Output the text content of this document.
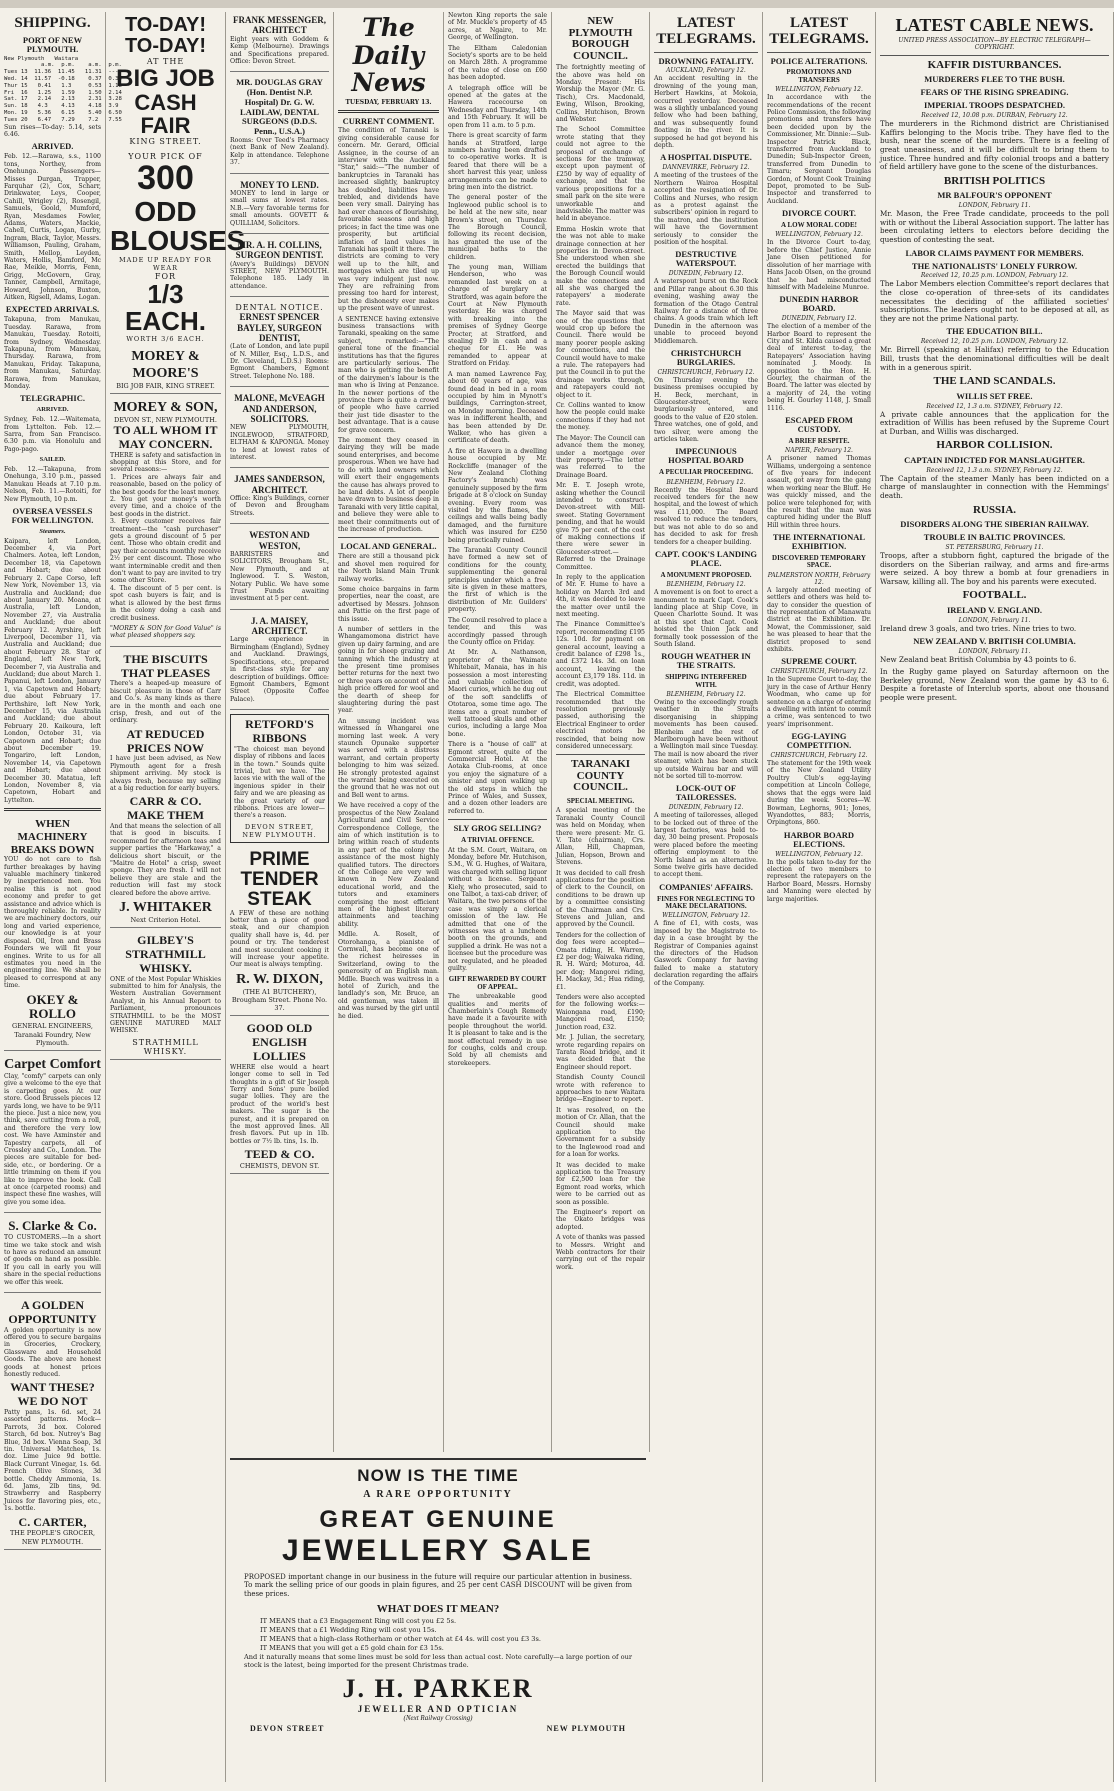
SHIPPING.
PORT OF NEW PLYMOUTH.
New Plymouth   Waitara
a.m.  p.m.    a.m.  p.m.
Tues 13  11.36  11.45   11.31  ----
Wed. 14  11.57  -0.18    0.37  0.33
Thur 15   0.41   1.3     0.53  1.18
Fri  16   1.25   1.59    1.50  2.14
Sat. 17   2.14   2.13    2.31  3.28
Sun. 18   4.3    4.13    4.18  3.9
Mon. 19   5.36   6.15    5.40  6.50
Tues 20   6.47   7.29    7.2   7.55
Sun rises—To-day: 5.14, sets 6.46.
ARRIVED.
Feb. 12.—Rarawa, s.s., 1100 tons, Northey, from Onehunga. Passengers—Misses Durgan, Trapper, Farquhar (2), Cox, Scharr, Drinkwater, Leys, Cooper, Cahill, Wrigley (2), Rosengil, Samuels, Goold, Mumford, Ryan, Mesdames Fowler, Adams, Waters, Mackie, Cahell, Curtis, Logan, Gurby, Ingram, Black, Taylor, Messrs. Williamson, Pauling, Graham, Smith, Mellop, Leyden, Waters, Hollis, Bamford, Mc Rae, Meikle, Morris, Fenn, Grigg, McGovern, Gray, Tanner, Campbell, Armitage, Howard, Johnson, Buxton, Aitken, Rigsell, Adams, Logan.
EXPECTED ARRIVALS.
Takapuna, from Manukau, Tuesday. Rarawa, from Manukau, Tuesday. Rotoiti, from Sydney, Wednesday. Takapuna, from Manukau, Thursday. Rarawa, from Manukau, Friday. Takapuna, from Manukau, Saturday. Rarawa, from Manukau, Monday.
TELEGRAPHIC.
ARRIVED.
Sydney, Feb. 12.—Waitemata, from Lyttelton. Feb. 12.—Sarra, from San Francisco. 6.30 p.m. via Honolulu and Pago-pago.
SAILED.
Feb. 12.—Takapuna, from Onehunga, 3.10 p.m., passed Manukau Heads at 7.10 p.m. Nelson, Feb. 11.—Rotoiti, for New Plymouth, 10 p.m.
OVERSEA VESSELS FOR WELLINGTON.
Steamers.
Kaipara, left London, December 4, via Port Chalmers. Aotea, left London, December 18, via Capetown and Hobart; due about February 2. Cape Corso, left New York, November 13, via Australia and Auckland; due about January 20. Moana, at Australia, left London, November 27, via Australia and Auckland; due about February 12. Ayrshire, left Liverpool, December 11, via Australia and Auckland; due about February 28. Star of England, left New York, December 7, via Australia and Auckland; due about March 1. Papanui, left London, January 1, via Capetown and Hobart; due about February 17. Perthshire, left New York, December 15, via Australia and Auckland; due about February 20. Kaikoura, left London, October 31, via Capetown and Hobart; due about December 19. Tongariro, left London, November 14, via Capetown and Hobart; due about December 30. Matatua, left London, November 8, via Capetown, Hobart and Lyttelton.
WHEN MACHINERY BREAKS DOWN
YOU do not care to fish further breakages by having valuable machinery tinkered by inexperienced men. You realise this is not good economy and prefer to get assistance and advice which is thoroughly reliable. In reality we are machinery doctors, our long and varied experience, our knowledge is at your disposal. Oil, Iron and Brass Founders we will fit your engines. Write to us for all estimates you need in the engineering line. We shall be pleased to correspond at any time.
OKEY & ROLLO
GENERAL ENGINEERS, Taranaki Foundry, New Plymouth.
Carpet Comfort
Clay, "comfy" carpets can only give a welcome to the eye that is carpeting goes. At our store. Good Brussels pieces 12 yards long, we have to be 9/11 the piece. Just a nice new, you think, save cutting from a roll, and therefore the very low cost. We have Axminster and Tapestry carpets, all of Crossley and Co., London. The pieces are suitable for bed-side, etc., or bordering. Or a little trimming on them if you like to improve the look. Call at once (carpeted rooms) and inspect these fine washes, will give you some idea.
S. Clarke & Co.
TO CUSTOMERS.—In a short time we take stock and wish to have as reduced an amount of goods on hand as possible. If you call in early you will share in the special reductions we offer this week.
A GOLDEN OPPORTUNITY
A golden opportunity is now offered you to secure bargains in Groceries, Crockery, Glassware and Household Goods. The above are honest goods at honest prices honestly reduced.
WANT THESE? WE DO NOT
Patty pans, 1s. 6d. set, 24 assorted patterns. Mock—Parrots, 3d box. Colored Starch, 6d box. Nutrey's Bag Blue, 3d box. Vienna Soap, 3d tin. Universal Matches, 1s. doz. Lime Juice 9d bottle. Black Currant Vinegar, 1s. 6d. French Olive Stones, 3d bottle. Cheddy Ammonia, 1s. 6d. Jams, 2lb tins, 9d. Strawberry and Raspberry Juices for flavoring pies, etc., 1s. bottle.
C. CARTER,
THE PEOPLE'S GROCER, NEW PLYMOUTH.
TO-DAY!
TO-DAY!
AT THE
BIG JOB
CASH FAIR
KING STREET.
YOUR PICK OF
300
ODD
BLOUSES
MADE UP READY FOR WEAR
FOR
1/3 EACH.
WORTH 3/6 EACH.
MOREY & MOORE'S
BIG JOB FAIR, KING STREET.
MOREY & SON,
DEVON ST., NEW PLYMOUTH.
TO ALL WHOM IT MAY CONCERN.
THERE is safety and satisfaction in shopping at this Store, and for several reasons:—
1. Prices are always fair and reasonable, based on the policy of the best goods for the least money.
2. You get your money's worth every time, and a choice of the best goods in the district.
3. Every customer receives fair treatment—the "cash purchaser" gets a ground discount of 5 per cent. Those who obtain credit and pay their accounts monthly receive 2½ per cent discount. Those who want interminable credit and then don't want to pay are invited to try some other Store.
4. The discount of 5 per cent. is spot cash buyers is fair, and is what is allowed by the best firms in the colony doing a cash and credit business.
"MOREY & SON for Good Value" is what pleased shoppers say.
THE BISCUITS THAT PLEASES
There's a heaped-up measure of biscuit pleasure in those of Carr and Co.'s. As many kinds as there are in the month and each one crisp, fresh, and out of the ordinary.
AT REDUCED PRICES NOW
I have just been advised, as New Plymouth agent for a fresh shipment arriving. My stock is always fresh, because my selling at a big reduction for early buyers.
CARR & CO. MAKE THEM
And that means the selection of all that is good in biscuits. I recommend for afternoon teas and supper parties the "Harkaway," a delicious short biscuit, or the "Maitre de Hotel" a crisp, sweet sponge. They are fresh. I will not believe they are stale and the reduction will fast my stock cleared before the above arrive.
J. WHITAKER
Next Criterion Hotel.
GILBEY'S STRATHMILL WHISKY.
ONE of the Most Popular Whiskies submitted to him for Analysis, the Western Australian Government Analyst, in his Annual Report to Parliament, pronounces STRATHMILL to be the MOST GENUINE MATURED MALT WHISKY.
STRATHMILL WHISKY.
FRANK MESSENGER, ARCHITECT
Eight years with Goddem & Kemp (Melbourne). Drawings and Specifications prepared. Office: Devon Street.
MR. DOUGLAS GRAY (Hon. Dentist N.P. Hospital) Dr. G. W. LAIDLAW, DENTAL SURGEONS (D.D.S. Penn., U.S.A.)
Rooms: Over Teed's Pharmacy (next Bank of New Zealand). Kelp in attendance. Telephone 37.
MONEY TO LEND.
MONEY to lend in large or small sums at lowest rates. N.B.—Very favorable terms for small amounts. GOVETT & QUILLIAM, Solicitors.
MR. A. H. COLLINS, SURGEON DENTIST.
(Avery's Buildings) DEVON STREET, NEW PLYMOUTH. Telephone 185. Lady in attendance.
DENTAL NOTICE.
ERNEST SPENCER BAYLEY, SURGEON DENTIST,
(Late of London, and late pupil of N. Miller, Esq., L.D.S., and Dr. Cleveland, L.D.S.) Rooms: Egmont Chambers, Egmont Street. Telephone No. 188.
MALONE, McVEAGH AND ANDERSON, SOLICITORS.
NEW PLYMOUTH, INGLEWOOD, STRATFORD, ELTHAM & KAPONGA. Money to lend at lowest rates of interest.
JAMES SANDERSON, ARCHITECT.
Office: King's Buildings, corner of Devon and Brougham Streets.
WESTON AND WESTON,
BARRISTERS and SOLICITORS, Brougham St., New Plymouth, and at Inglewood. T. S. Weston, Notary Public. We have some Trust Funds awaiting investment at 5 per cent.
J. A. MAISEY, ARCHITECT.
Large experience in Birmingham (England), Sydney and Auckland. Drawings, Specifications, etc., prepared in first-class style for any description of buildings. Office: Egmont Chambers, Egmont Street (Opposite Coffee Palace).
RETFORD'S RIBBONS
"The choicest man beyond display of ribbons and laces in the town." Sounds quite trivial, but we have. The laces vie with the wall of the ingenious spider in their fairy and we are pleasing as the great variety of our ribbons. Prices are lower—there's a reason.
DEVON STREET, NEW PLYMOUTH.
PRIME TENDER STEAK
A FEW of these are nothing better than a piece of good steak, and our champion quality shall have is, 4d. per pound or try. The tenderest and most succulent cooking it will increase your appetite. Our meat is always tempting.
R. W. DIXON,
(THE A1 BUTCHERY), Brougham Street. Phone No. 37.
GOOD OLD ENGLISH LOLLIES
WHERE else would a heart longer come to sell in Ted thoughts in a gift of Sir Joseph Terry and Sons' pure boiled sugar lollies. They are the product of the world's best makers. The sugar is the purest, and it is prepared on the most approved lines. All fresh flavors. Put up in 1lb. bottles or 7½ lb. tins, 1s. lb.
TEED & CO.
CHEMISTS, DEVON ST.
The Daily News
TUESDAY, FEBRUARY 13.
CURRENT COMMENT.
The condition of Taranaki is giving considerable cause for concern. Mr. Gerard, Official Assignee, in the course of an interview with the Auckland "Star," said:—"The number of bankruptcies in Taranaki has increased slightly, bankruptcy has doubled, liabilities have trebled, and dividends have been very small. Dairying has had ever chances of flourishing, favourable seasons and high prices; in fact the time was one prosperity, but artificial inflation of land values in Taranaki has spoilt it there. The districts are coming to very well up to the hilt, and mortgages which are tiled up was very indulgent just now. They are refraining from pressing too hard for interest, but the dishonesty ever makes up the present wave of unrest.
A SENTENCE having extensive business transactions with Taranaki, speaking on the same subject, remarked:—"The general tone of the financial institutions has that the figures are particularly serious. The man who is getting the benefit of the dairymen's labour is the man who is living at Penzance. In the newer portions of the province there is quite a crowd of people who have carried their just tide disaster to the best advantage. That is a cause for grave concern.
The moment they ceased in dairying they will be made sound enterprises, and become prosperous. When we have had to do with land owners which will exert their engagements the cause has always proved to be land debts. A lot of people have drawn to business deep in Taranaki with very little capital, and believe they were able to meet their commitments out of the increase of production.
LOCAL AND GENERAL.
There are still a thousand pick and shovel men required for the North Island Main Trunk railway works.
Some choice bargains in farm properties, near the coast, are advertised by Messrs. Johnson and Pattie on the first page of this issue.
A number of settlers in the Whangamomona district have given up dairy farming, and are going in for sheep grazing and tanning which the industry at the present time promises better returns for the next two or three years on account of the high price offered for wool and the dearth of sheep for slaughtering during the past year.
An unsung incident was witnessed in Whangarei one morning last week. A very staunch Opunake supporter was served with a distress warrant, and certain property belonging to him was seized. He strongly protested against the warrant being executed on the ground that he was not out and Bell went to arms.
We have received a copy of the prospectus of the New Zealand Agricultural and Civil Service Correspondence College, the aim of which institution is to bring within reach of students in any part of the colony the assistance of the most highly qualified tutors. The directors of the College are very well known in New Zealand educational world, and the tutors and examiners comprising the most efficient men of the highest literary attainments and teaching ability.
Mdlle. A. Roselt, of Otorohanga, a pianiste of Cornwall, has become one of the richest heiresses in Switzerland, owing to the generosity of an English man. Mdlle. Buech was waitress in a hotel of Zurich, and the landlady's son, Mr. Bruce, an old gentleman, was taken ill and was nursed by the girl until he died.
Newton King reports the sale of Mr. Muckle's property of 45 acres, at Ngaire, to Mr. George, of Wellington.
The Eltham Caledonian Society's sports are to be held on March 28th. A programme of the value of close on £60 has been adopted.
A telegraph office will be opened at the gates at the Hawera racecourse on Wednesday and Thursday, 14th and 15th February. It will be open from 11 a.m. to 5 p.m.
There is great scarcity of farm hands at Stratford, large numbers having been drafted to co-operative works. It is feared that there will be a short harvest this year, unless arrangements can be made to bring men into the district.
The general poster of the Inglewood public school is to be held at the new site, near Brown's street, on Thursday. The Borough Council, following its recent decision, has granted the use of the municipal baths to the children.
The young man, William Henderson, who was remanded last week on a charge of burglary at Stratford, was again before the Court at New Plymouth yesterday. He was charged with breaking into the premises of Sydney George Procter, at Stratford, and stealing £9 in cash and a cheque for £1. He was remanded to appear at Stratford on Friday.
A man named Lawrence Fay, about 60 years of age, was found dead in bed in a room occupied by him in Mynott's buildings, Carrington-street, on Monday morning. Deceased was in indifferent health, and has been attended by Dr. Walker, who has given a certificate of death.
A fire at Hawera in a dwelling house occupied by Mr. Rockcliffe (manager of the New Zealand Clothing Factory's branch) was genuinely supposed by the firm brigade at 8 o'clock on Sunday evening. Every room was visited by the flames, the ceilings and walls being badly damaged, and the furniture which was insured for £250 being practically ruined.
The Taranaki County Council have formed a new set of conditions for the county, supplementing the general principles under which a free site is given in these matters, the first of which is the distribution of Mr. Guilders' property.
The Council resolved to place a tender, and this was accordingly passed through the County office on Friday.
At Mr. A. Nathanson, proprietor of the Waimate Whitebait, Manaia, has in his possession a most interesting and valuable collection of Maori curios, which he dug out of the soft sandcliffs of Ototaroa, some time ago. The items are a great number of well tattooed skulls and other curios, including a large Moa bone.
There is a "house of call" at Egmont street, quite of the Commercial Hotel. At the Aotaka Club-rooms, at once you enjoy the signature of a sinister and upon walking up the old steps in which the Prince of Wales, and Sussex, and a dozen other leaders are referred to.
SLY GROG SELLING?
A TRIVIAL OFFENCE.
At the S.M. Court, Waitara, on Monday, before Mr. Hutchison, S.M., W. G. Hughes, of Waitara, was charged with selling liquor without a license. Sergeant Kiely, who prosecuted, said to one Talbot, a taxi-cab driver, of Waitara, the two persons of the case was simply a clerical omission of the law. He admitted that one of the witnesses was at a luncheon booth on the grounds, and supplied a drink. He was not a licensee but the procedure was not regulated, and he pleaded guilty.
GIFT REWARDED BY COURT OF APPEAL.
The unbreakable good qualities and merits of Chamberlain's Cough Remedy have made it a favourite with people throughout the world. It is pleasant to take and is the most effectual remedy in use for coughs, colds and croup. Sold by all chemists and storekeepers.
NEW PLYMOUTH BOROUGH COUNCIL.
The fortnightly meeting of the above was held on Monday. Present: His Worship the Mayor (Mr. G. Tisch), Crs. Macdonald, Ewing, Wilson, Brooking, Collins, Hutchison, Brown and Webster.
The School Committee wrote stating that they could not agree to the proposal of exchange of sections for the tramway, except upon payment of £250 by way of equality of exchange, and that the various propositions for a small park on the site were unworkable and inadvisable. The matter was held in abeyance.
Emma Hoskin wrote that the was not able to make drainage connection at her properties in Devon-street. She understood when she erected the buildings that the Borough Council would make the connections and all she was charged the ratepayers' a moderate rate.
The Mayor said that was one of the questions that would crop up before the Council. There would be many poorer people asking for connections, and the Council would have to make a rule. The ratepayers had put the Council in to put the drainage works through, and ratepayers could not object to it.
Cr. Collins wanted to know how the people could make connections if they had not the money.
The Mayor: The Council can advance them the money, under a mortgage over their property.—The letter was referred to the Drainage Board.
Mr. E. T. Joseph wrote, asking whether the Council intended to construct Devon-street with Mill-sweet. Stating Government pending, and that he would give 75 per cent. of the cost of making connections if there were sewer in Gloucester-street.—Referred to the Drainage Committee.
In reply to the application of Mr. F. Hume to have a holiday on March 3rd and 4th, it was decided to leave the matter over until the next meeting.
The Finance Committee's report, recommending £195 12s. 10d. for payment on general account, leaving a credit balance of £298 1s., and £372 14s. 3d. on loan account, leaving the account £3,179 18s. 11d. in credit, was adopted.
The Electrical Committee recommended that the resolution previously passed, authorising the Electrical Engineer to order electrical motors be rescinded, that being now considered unnecessary.
TARANAKI COUNTY COUNCIL.
SPECIAL MEETING.
A special meeting of the Taranaki County Council was held on Monday, when there were present: Mr. G. V. Tate (chairman), Crs. Allan, Hill, Chapman, Julian, Hopson, Brown and Stevens.
It was decided to call fresh applications for the position of clerk to the Council, on conditions to be drawn up by a committee consisting of the Chairman and Crs. Stevens and Julian, and approved by the Council.
Tenders for the collection of dog fees were accepted—Omata riding, H. Warren, £2 per dog; Waiwaka riding, R. H. Ward; Moturoa, 4d. per dog; Mangorei riding, H. Mackay, 3d.; Hua riding, £1.
Tenders were also accepted for the following works:—Waiongana road, £190; Mangorei road, £150; Junction road, £32.
Mr. J. Julian, the secretary, wrote regarding repairs on Tarata Road bridge, and it was decided that the Engineer should report.
Standish County Council wrote with reference to approaches to new Waitara bridge—Engineer to report.
It was resolved, on the motion of Cr. Allan, that the Council should make application to the Government for a subsidy to the Inglewood road and for a loan for works.
It was decided to make application to the Treasury for £2,500 loan for the Egmont road works, which were to be carried out as soon as possible.
The Engineer's report on the Okato bridges was adopted.
A vote of thanks was passed to Messrs. Wright and Webb contractors for their carrying out of the repair work.
LATEST TELEGRAMS.
DROWNING FATALITY.
AUCKLAND, February 12.
An accident resulting in the drowning of the young man, Herbert Hawkins, at Mokoia, occurred yesterday. Deceased was a slightly unbalanced young fellow who had been bathing, and was subsequently found floating in the river. It is supposed he had got beyond his depth.
A HOSPITAL DISPUTE.
DANNEVIRKE, February 12.
A meeting of the trustees of the Northern Wairoa Hospital accepted the resignation of Dr. Collins and Nurses, who resign as a protest against the subscribers' opinion in regard to the matron, and the institution will have the Government seriously to consider the position of the hospital.
DESTRUCTIVE WATERSPOUT.
DUNEDIN, February 12.
A waterspout burst on the Rock and Pillar range about 6.30 this evening, washing away the formation of the Otago Central Railway for a distance of three chains. A goods train which left Dunedin in the afternoon was unable to proceed beyond Middlemarch.
CHRISTCHURCH BURGLARIES.
CHRISTCHURCH, February 12.
On Thursday evening the business premises occupied by H. Beck, merchant, in Gloucester-street, were burglariously entered, and goods to the value of £20 stolen. Three watches, one of gold, and two silver, were among the articles taken.
IMPECUNIOUS HOSPITAL BOARD
A PECULIAR PROCEEDING.
BLENHEIM, February 12.
Recently the Hospital Board received tenders for the new hospital, and the lowest of which was £11,000. The Board resolved to reduce the tenders, but was not able to do so and has decided to ask for fresh tenders for a cheaper building.
CAPT. COOK'S LANDING PLACE.
A MONUMENT PROPOSED.
BLENHEIM, February 12.
A movement is on foot to erect a monument to mark Capt. Cook's landing place at Ship Cove, in Queen Charlotte Sound. It was at this spot that Capt. Cook hoisted the Union Jack and formally took possession of the South Island.
ROUGH WEATHER IN THE STRAITS.
SHIPPING INTERFERED WITH.
BLENHEIM, February 12.
Owing to the exceedingly rough weather in the Straits disorganising in shipping movements has been caused. Blenheim and the rest of Marlborough have been without a Wellington mail since Tuesday. The mail is now aboard the river steamer, which has been stuck up outside Wairau bar and will not be sorted till to-morrow.
LOCK-OUT OF TAILORESSES.
DUNEDIN, February 12.
A meeting of tailoresses, alleged to be locked out of three of the largest factories, was held to-day, 30 being present. Proposals were placed before the meeting offering employment to the North Island as an alternative. Some twelve girls have decided to accept them.
COMPANIES' AFFAIRS.
FINES FOR NEGLECTING TO MAKE DECLARATIONS.
WELLINGTON, February 12.
A fine of £1, with costs, was imposed by the Magistrate to-day in a case brought by the Registrar of Companies against the directors of the Hudson Gaswork Company for having failed to make a statutory declaration regarding the affairs of the Company.
LATEST TELEGRAMS.
POLICE ALTERATIONS.
PROMOTIONS AND TRANSFERS
WELLINGTON, February 12.
In accordance with the recommendations of the recent Police Commission, the following promotions and transfers have been decided upon by the Commissioner, Mr. Dinnie:—Sub-Inspector Patrick Black, transferred from Auckland to Dunedin; Sub-Inspector Green, transferred from Dunedin to Timaru; Sergeant Douglas Gordon, of Mount Cook Training Depot, promoted to be Sub-Inspector and transferred to Auckland.
DIVORCE COURT.
A LOW MORAL CODE!
WELLINGTON, February 12.
In the Divorce Court to-day, before the Chief Justice, Annie Jane Olsen petitioned for dissolution of her marriage with Hans Jacob Olsen, on the ground that he had misconducted himself with Madeleine Munroe.
DUNEDIN HARBOR BOARD.
DUNEDIN, February 12.
The election of a member of the Harbor Board to represent the City and St. Kilda caused a great deal of interest to-day, the Ratepayers' Association having nominated J. Moody. In opposition to the Hon. H. Gourley, the chairman of the Board. The latter was elected by a majority of 24, the voting being H. Gourley 1148, J. Small 1116.
ESCAPED FROM CUSTODY.
A BRIEF RESPITE.
NAPIER, February 12.
A prisoner named Thomas Williams, undergoing a sentence of five years for indecent assault, got away from the gang when working near the Bluff. He was quickly missed, and the police were telephoned for, with the result that the man was captured hiding under the Bluff Hill within three hours.
THE INTERNATIONAL EXHIBITION.
DISCOVERED TEMPORARY SPACE.
PALMERSTON NORTH, February 12.
A largely attended meeting of settlers and others was held to-day to consider the question of the representation of Manawatu district at the Exhibition. Dr. Mowat, the Commissioner, said he was pleased to hear that the district proposed to send exhibits.
SUPREME COURT.
CHRISTCHURCH, February 12.
In the Supreme Court to-day, the jury in the case of Arthur Henry Woodman, who came up for sentence on a charge of entering a dwelling with intent to commit a crime, was sentenced to two years' imprisonment.
EGG-LAYING COMPETITION.
CHRISTCHURCH, February 12.
The statement for the 19th week of the New Zealand Utility Poultry Club's egg-laying competition at Lincoln College, shows that the eggs were laid during the week. Scores—W. Bowman, Leghorns, 901; Jones, Wyandottes, 883; Morris, Orpingtons, 860.
HARBOR BOARD ELECTIONS.
WELLINGTON, February 12.
In the polls taken to-day for the election of two members to represent the ratepayers on the Harbor Board, Messrs. Hornsby and Manning were elected by large majorities.
LATEST CABLE NEWS.
UNITED PRESS ASSOCIATION—BY ELECTRIC TELEGRAPH—COPYRIGHT.
KAFFIR DISTURBANCES.
MURDERERS FLEE TO THE BUSH.
FEARS OF THE RISING SPREADING.
IMPERIAL TROOPS DESPATCHED.
Received 12, 10.08 p.m. DURBAN, February 12.
The murderers in the Richmond district are Christianised Kaffirs belonging to the Mocis tribe. They have fled to the bush, near the scene of the murders. There is a feeling of great uneasiness, and it will be difficult to bring them to justice. Three hundred and fifty colonial troops and a battery of field artillery have gone to the scene of the disturbances.
BRITISH POLITICS
MR BALFOUR'S OPPONENT
LONDON, February 11.
Mr. Mason, the Free Trade candidate, proceeds to the poll with or without the Liberal Association support. The latter has been circulating letters to electors before deciding the question of contesting the seat.
LABOR CLAIMS PAYMENT FOR MEMBERS.
THE NATIONALISTS' LONELY FURROW.
Received 12, 10.25 p.m. LONDON, February 12.
The Labor Members election Committee's report declares that the close co-operation of three-sets of its candidates necessitates the deciding of the affiliated societies' subscriptions. The leaders ought not to be deposed at all, as they are not the prime National party.
THE EDUCATION BILL.
Received 12, 10.25 p.m. LONDON, February 12.
Mr. Birrell (speaking at Halifax) referring to the Education Bill, trusts that the denominational difficulties will be dealt with in a generous spirit.
THE LAND SCANDALS.
WILLIS SET FREE.
Received 12, 1.3 a.m. SYDNEY, February 12.
A private cable announces that the application for the extradition of Willis has been refused by the Supreme Court at Durban, and Willis was discharged.
HARBOR COLLISION.
CAPTAIN INDICTED FOR MANSLAUGHTER.
Received 12, 1.3 a.m. SYDNEY, February 12.
The Captain of the steamer Manly has been indicted on a charge of manslaughter in connection with the Hemmings' death.
RUSSIA.
DISORDERS ALONG THE SIBERIAN RAILWAY.
TROUBLE IN BALTIC PROVINCES.
ST. PETERSBURG, February 11.
Troops, after a stubborn fight, captured the brigade of the disorders on the Siberian railway, and arms and fire-arms were seized. A boy threw a bomb at four grenadiers in Warsaw, killing all. The boy and his parents were executed.
FOOTBALL.
IRELAND V. ENGLAND.
LONDON, February 11.
Ireland drew 3 goals, and two tries. Nine tries to two.
NEW ZEALAND V. BRITISH COLUMBIA.
LONDON, February 11.
New Zealand beat British Columbia by 43 points to 6.
In the Rugby game played on Saturday afternoon on the Berkeley ground, New Zealand won the game by 43 to 6. Despite a foretaste of Interclub sports, about one thousand people were present.
NOW IS THE TIME
A RARE OPPORTUNITY
GREAT GENUINE
JEWELLERY SALE
PROPOSED important change in our business in the future will require our particular attention in business. To mark the selling price of our goods in plain figures, and 25 per cent CASH DISCOUNT will be given from these prices.
WHAT DOES IT MEAN?
IT MEANS that a £3 Engagement Ring will cost you £2 5s.
IT MEANS that a £1 Wedding Ring will cost you 15s.
IT MEANS that a high-class Rotherham or other watch at £4 4s. will cost you £3 3s.
IT MEANS that you will get a £5 gold chain for £3 15s.
And it naturally means that some lines must be sold for less than actual cost. Note carefully—a large portion of our stock is the latest, being imported for the present Christmas trade.
J. H. PARKER
JEWELLER AND OPTICIAN
(Next Railway Crossing)
DEVON STREET	NEW PLYMOUTH
